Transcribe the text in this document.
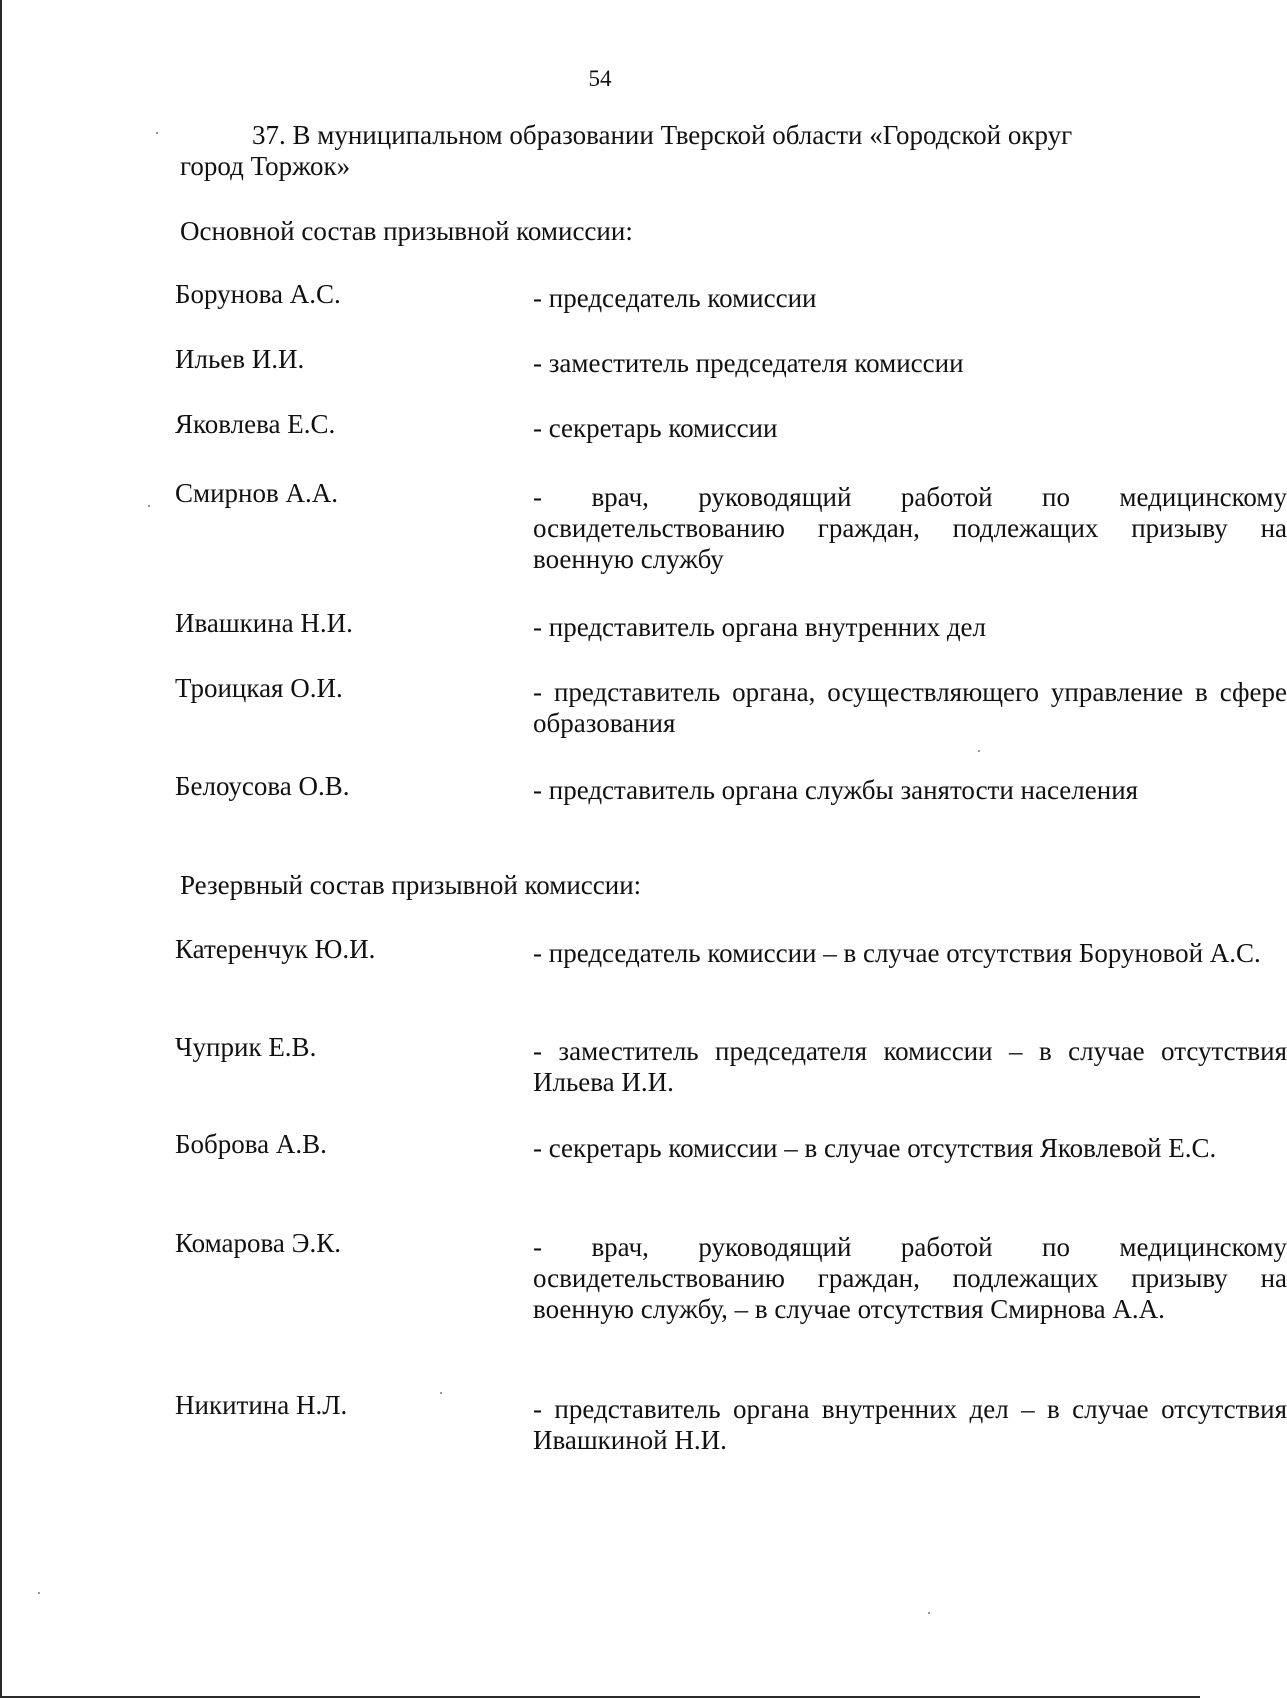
54
37. В муниципальном образовании Тверской области «Городской округ город Торжок»
Основной состав призывной комиссии:
Борунова А.С.	- председатель комиссии
Ильев И.И.	- заместитель председателя комиссии
Яковлева Е.С.	- секретарь комиссии
Смирнов А.А.	- врач, руководящий работой по медицинскому освидетельствованию граждан, подлежащих призыву на военную службу
Ивашкина Н.И.	- представитель органа внутренних дел
Троицкая О.И.	- представитель органа, осуществляющего управление в сфере образования
Белоусова О.В.	- представитель органа службы занятости населения
Резервный состав призывной комиссии:
Катеренчук Ю.И.	- председатель комиссии – в случае отсутствия Боруновой А.С.
Чуприк Е.В.	- заместитель председателя комиссии – в случае отсутствия Ильева И.И.
Боброва А.В.	- секретарь комиссии – в случае отсутствия Яковлевой Е.С.
Комарова Э.К.	- врач, руководящий работой по медицинскому освидетельствованию граждан, подлежащих призыву на военную службу, – в случае отсутствия Смирнова А.А.
Никитина Н.Л.	- представитель органа внутренних дел – в случае отсутствия Ивашкиной Н.И.
